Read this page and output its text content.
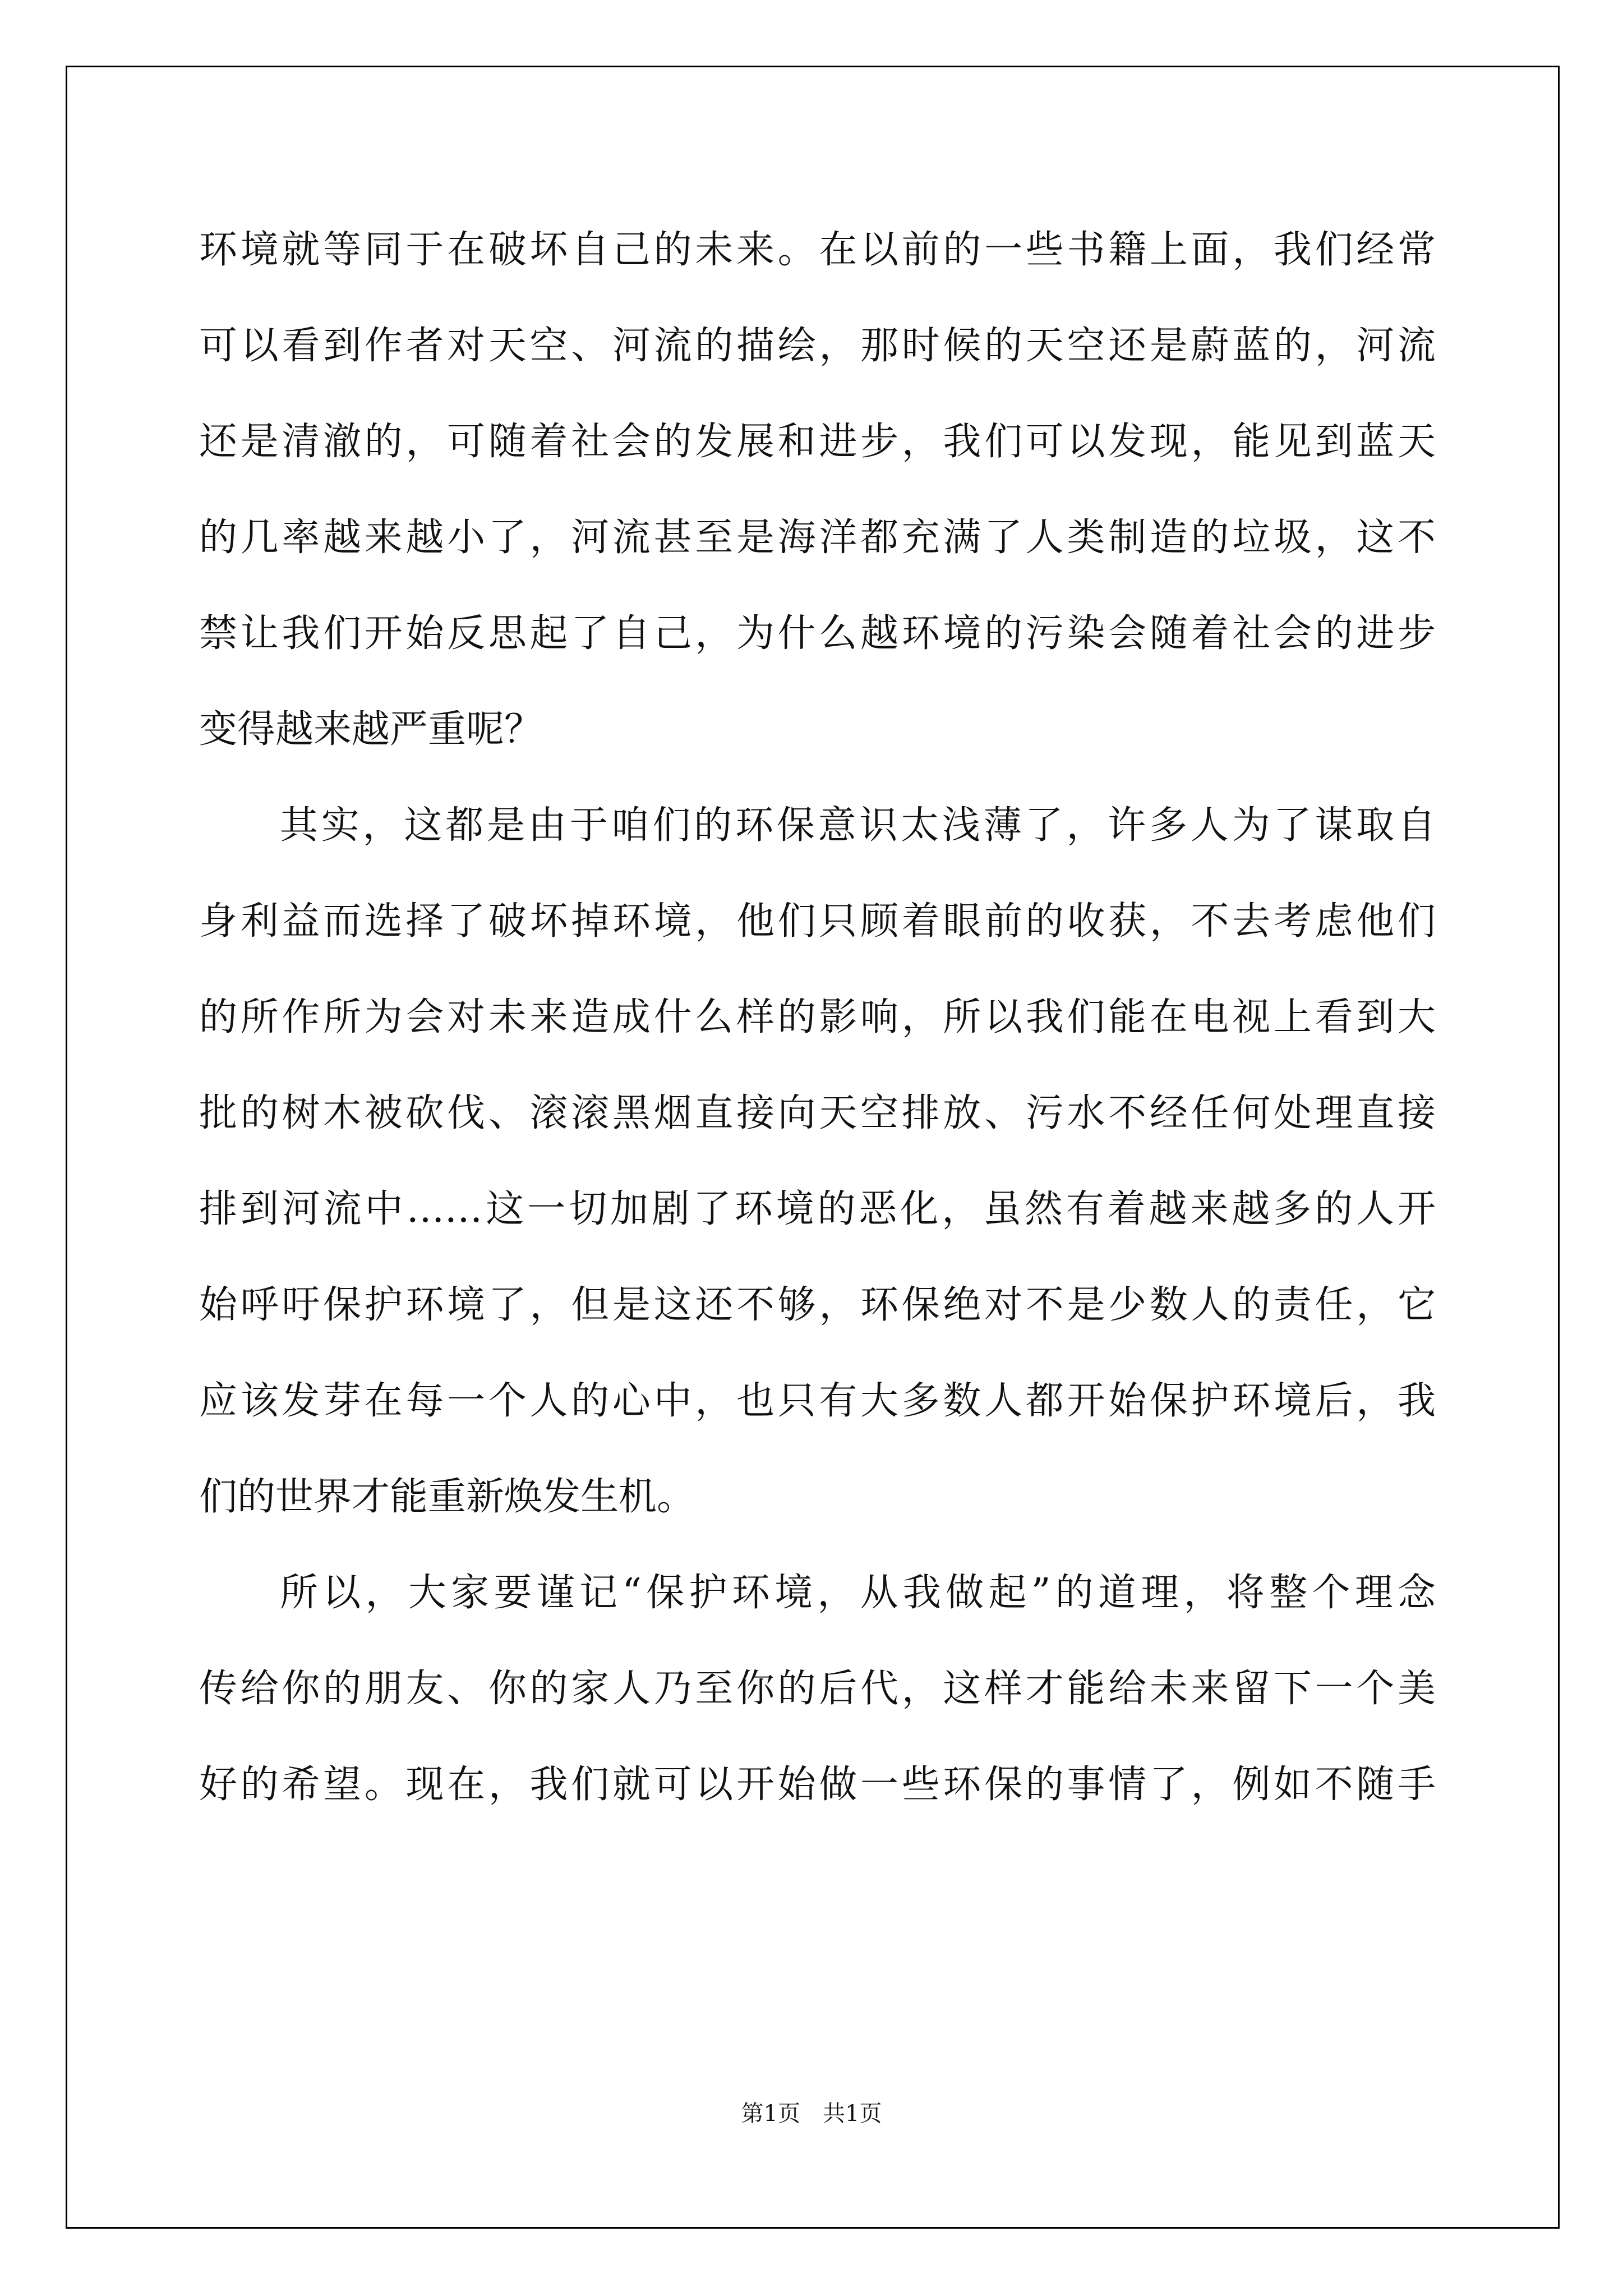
环境就等同于在破坏自己的未来。在以前的一些书籍上面，我们经常
可以看到作者对天空、河流的描绘，那时候的天空还是蔚蓝的，河流
还是清澈的，可随着社会的发展和进步，我们可以发现，能见到蓝天
的几率越来越小了，河流甚至是海洋都充满了人类制造的垃圾，这不
禁让我们开始反思起了自己，为什么越环境的污染会随着社会的进步
变得越来越严重呢？
其实，这都是由于咱们的环保意识太浅薄了，许多人为了谋取自
身利益而选择了破坏掉环境，他们只顾着眼前的收获，不去考虑他们
的所作所为会对未来造成什么样的影响，所以我们能在电视上看到大
批的树木被砍伐、滚滚黑烟直接向天空排放、污水不经任何处理直接
排到河流中……这一切加剧了环境的恶化，虽然有着越来越多的人开
始呼吁保护环境了，但是这还不够，环保绝对不是少数人的责任，它
应该发芽在每一个人的心中，也只有大多数人都开始保护环境后，我
们的世界才能重新焕发生机。
所以，大家要谨记“保护环境，从我做起”的道理，将整个理念
传给你的朋友、你的家人乃至你的后代，这样才能给未来留下一个美
好的希望。现在，我们就可以开始做一些环保的事情了，例如不随手
第1页　共1页
